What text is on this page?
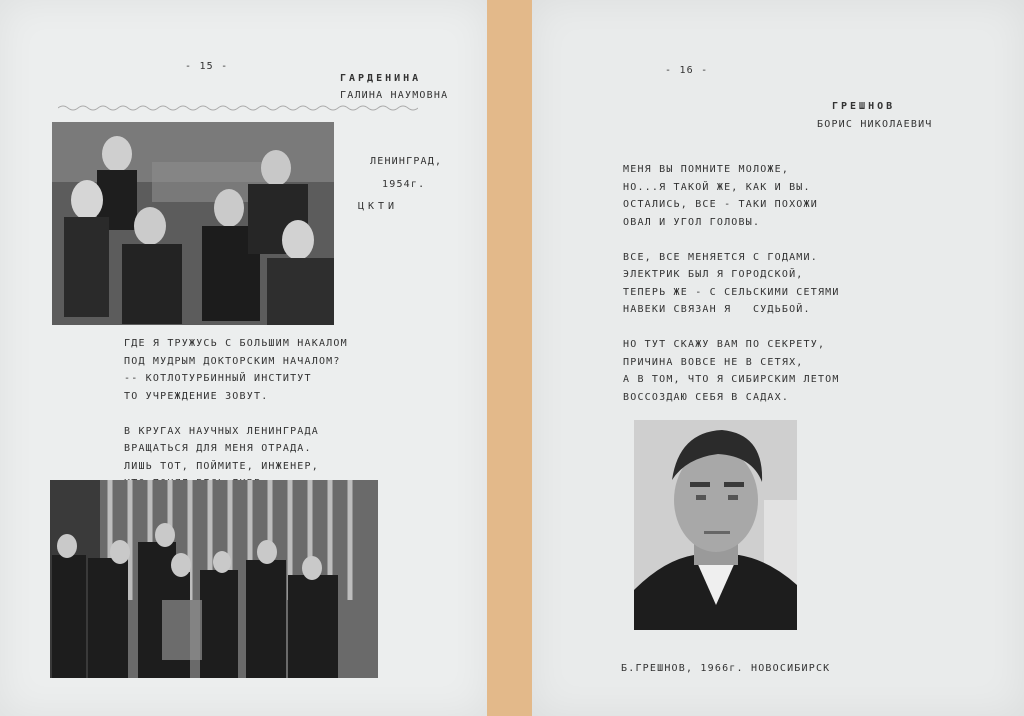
- 15 -
ГАРДЕНИНА
ГАЛИНА НАУМОВНА
ЛЕНИНГРАД,
1954г.
ЦКТИ
ГДЕ Я ТРУЖУСЬ С БОЛЬШИМ НАКАЛОМ
ПОД МУДРЫМ ДОКТОРСКИМ НАЧАЛОМ?
-- КОТЛОТУРБИННЫЙ ИНСТИТУТ
ТО УЧРЕЖДЕНИЕ ЗОВУТ.
В КРУГАХ НАУЧНЫХ ЛЕНИНГРАДА
ВРАЩАТЬСЯ ДЛЯ МЕНЯ ОТРАДА.
ЛИШЬ ТОТ, ПОЙМИТЕ, ИНЖЕНЕР,
- 16 -
ГРЕШНОВ
БОРИС НИКОЛАЕВИЧ
МЕНЯ ВЫ ПОМНИТЕ МОЛОЖЕ,
НО...Я ТАКОЙ ЖЕ, КАК И ВЫ.
ОСТАЛИСЬ, ВСЕ - ТАКИ ПОХОЖИ
ОВАЛ И УГОЛ ГОЛОВЫ.
ВСЕ, ВСЕ МЕНЯЕТСЯ С ГОДАМИ.
ЭЛЕКТРИК БЫЛ Я ГОРОДСКОЙ,
ТЕПЕРЬ ЖЕ - С СЕЛЬСКИМИ СЕТЯМИ
НАВЕКИ СВЯЗАН Я   СУДЬБОЙ.
НО ТУТ СКАЖУ ВАМ ПО СЕКРЕТУ,
ПРИЧИНА ВОВСЕ НЕ В СЕТЯХ,
А В ТОМ, ЧТО Я СИБИРСКИМ ЛЕТОМ
ВОССОЗДАЮ СЕБЯ В САДАХ.
Б.ГРЕШНОВ, 1966г. НОВОСИБИРСК
